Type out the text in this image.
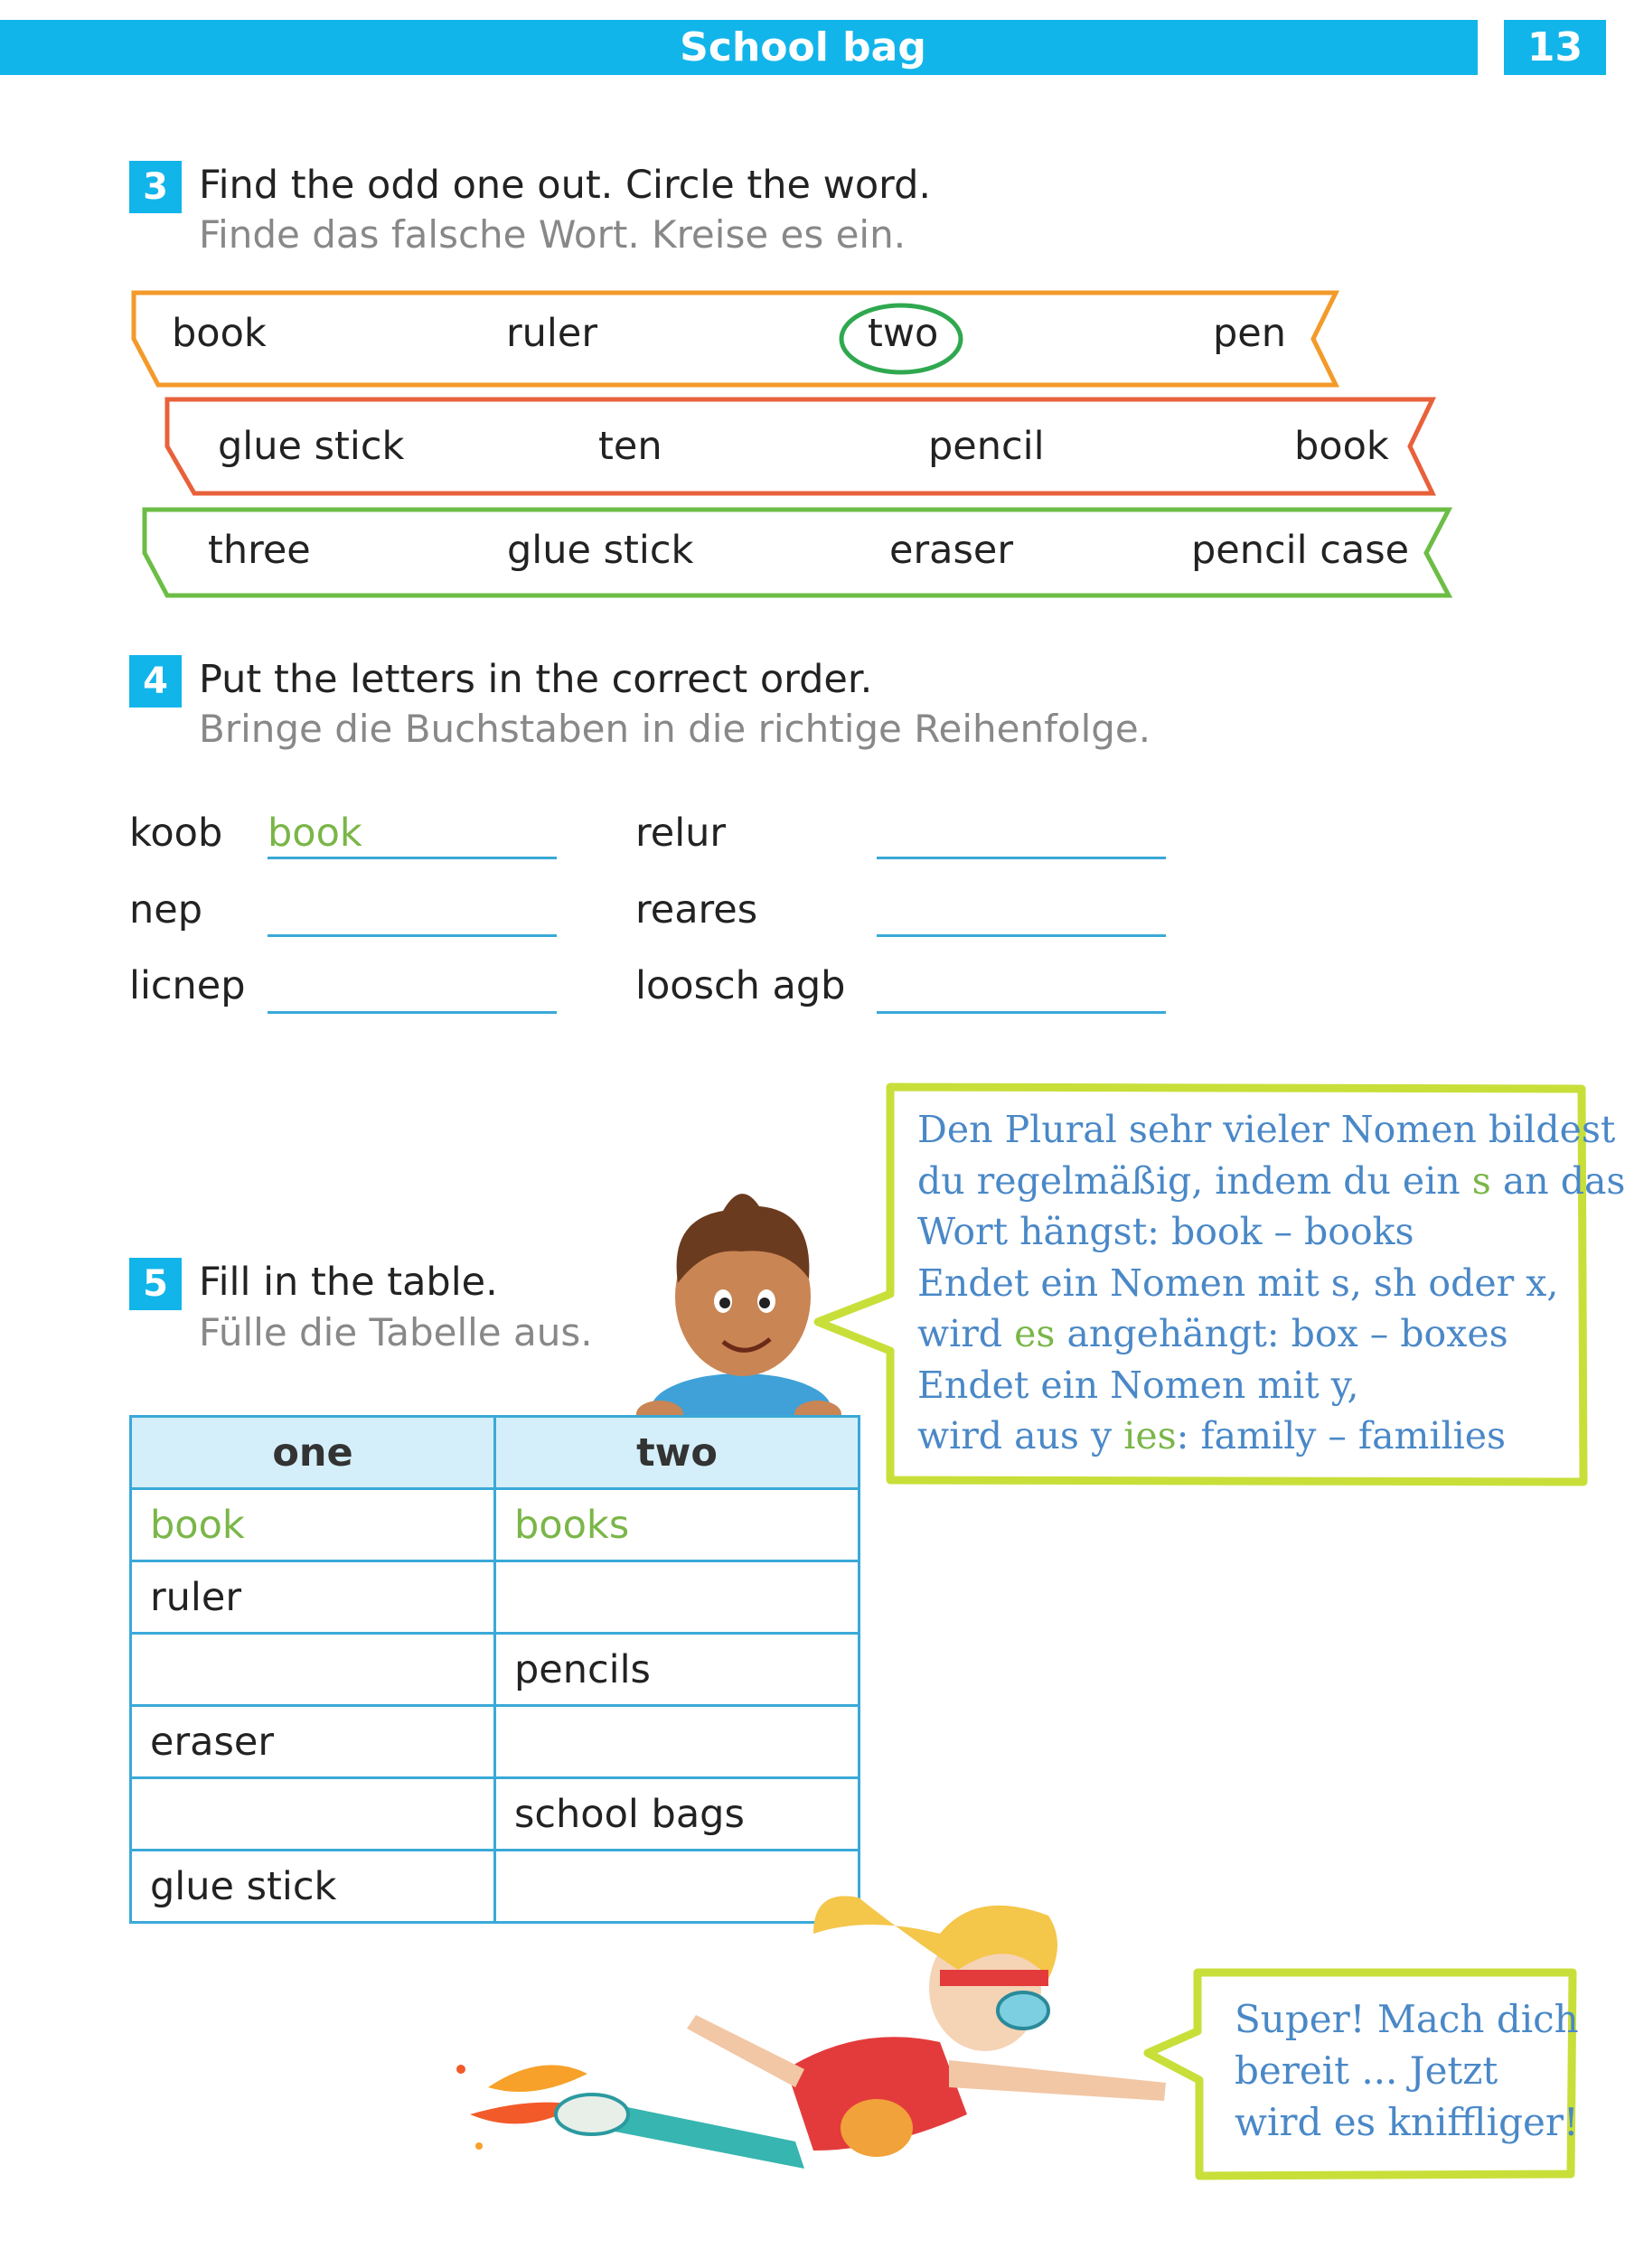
School bag	13
3 Find the odd one out. Circle the word.
Finde das falsche Wort. Kreise es ein.
book	ruler	two	pen
glue stick	ten	pencil	book
three	glue stick	eraser	pencil case
4 Put the letters in the correct order.
Bringe die Buchstaben in die richtige Reihenfolge.
koob book	relur
nep	reares
licnep	loosch agb
5 Fill in the table.
Fülle die Tabelle aus.
one	two
book	books
ruler	
	pencils
eraser	
	school bags
glue stick	
Den Plural sehr vieler Nomen bildest
du regelmäßig, indem du ein s an das
Wort hängst: book – books
Endet ein Nomen mit s, sh oder x,
wird es angehängt: box – boxes
Endet ein Nomen mit y,
wird aus y ies: family – families
Super! Mach dich
bereit ... Jetzt
wird es kniffliger!
